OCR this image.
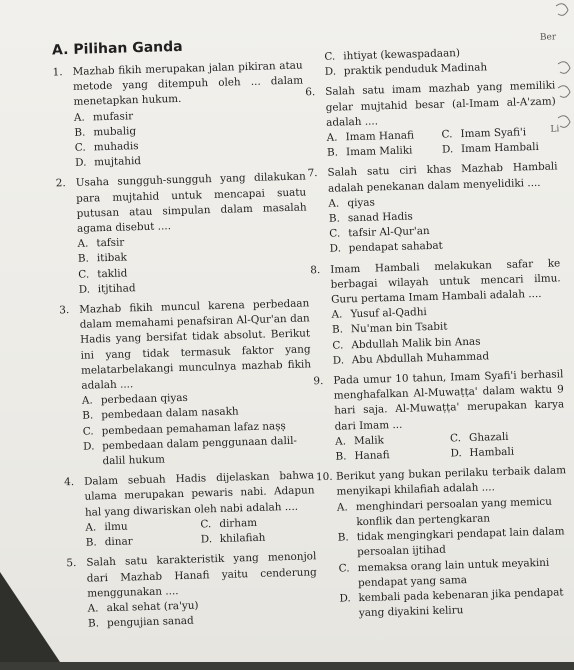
A. Pilihan Ganda
1. Mazhab fikih merupakan jalan pikiran atau metode yang ditempuh oleh ... dalam menetapkan hukum.
A. mufasir
B. mubalig
C. muhadis
D. mujtahid
2. Usaha sungguh-sungguh yang dilakukan para mujtahid untuk mencapai suatu putusan atau simpulan dalam masalah agama disebut ....
A. tafsir
B. itibak
C. taklid
D. itjtihad
3. Mazhab fikih muncul karena perbedaan dalam memahami penafsiran Al-Qur'an dan Hadis yang bersifat tidak absolut. Berikut ini yang tidak termasuk faktor yang melatarbelakangi munculnya mazhab fikih adalah ....
A. perbedaan qiyas
B. pembedaan dalam nasakh
C. pembedaan pemahaman lafaz naṣṣ
D. pembedaan dalam penggunaan dalil-dalil hukum
4. Dalam sebuah Hadis dijelaskan bahwa ulama merupakan pewaris nabi. Adapun hal yang diwariskan oleh nabi adalah ....
A. ilmu	C. dirham
B. dinar	D. khilafiah
5. Salah satu karakteristik yang menonjol dari Mazhab Hanafi yaitu cenderung menggunakan ....
A. akal sehat (ra'yu)
B. pengujian sanad
C. ihtiyat (kewaspadaan)
D. praktik penduduk Madinah
6. Salah satu imam mazhab yang memiliki gelar mujtahid besar (al-Imam al-A'zam) adalah ....
A. Imam Hanafi	C. Imam Syafi'i
B. Imam Maliki	D. Imam Hambali
7. Salah satu ciri khas Mazhab Hambali adalah penekanan dalam menyelidiki ....
A. qiyas
B. sanad Hadis
C. tafsir Al-Qur'an
D. pendapat sahabat
8. Imam Hambali melakukan safar ke berbagai wilayah untuk mencari ilmu. Guru pertama Imam Hambali adalah ....
A. Yusuf al-Qadhi
B. Nu'man bin Tsabit
C. Abdullah Malik bin Anas
D. Abu Abdullah Muhammad
9. Pada umur 10 tahun, Imam Syafi'i berhasil menghafalkan Al-Muwaṭṭa' dalam waktu 9 hari saja. Al-Muwaṭṭa' merupakan karya dari Imam ...
A. Malik	C. Ghazali
B. Hanafi	D. Hambali
10. Berikut yang bukan perilaku terbaik dalam menyikapi khilafiah adalah ....
A. menghindari persoalan yang memicu konflik dan pertengkaran
B. tidak mengingkari pendapat lain dalam persoalan ijtihad
C. memaksa orang lain untuk meyakini pendapat yang sama
D. kembali pada kebenaran jika pendapat yang diyakini keliru
Ber
Li
